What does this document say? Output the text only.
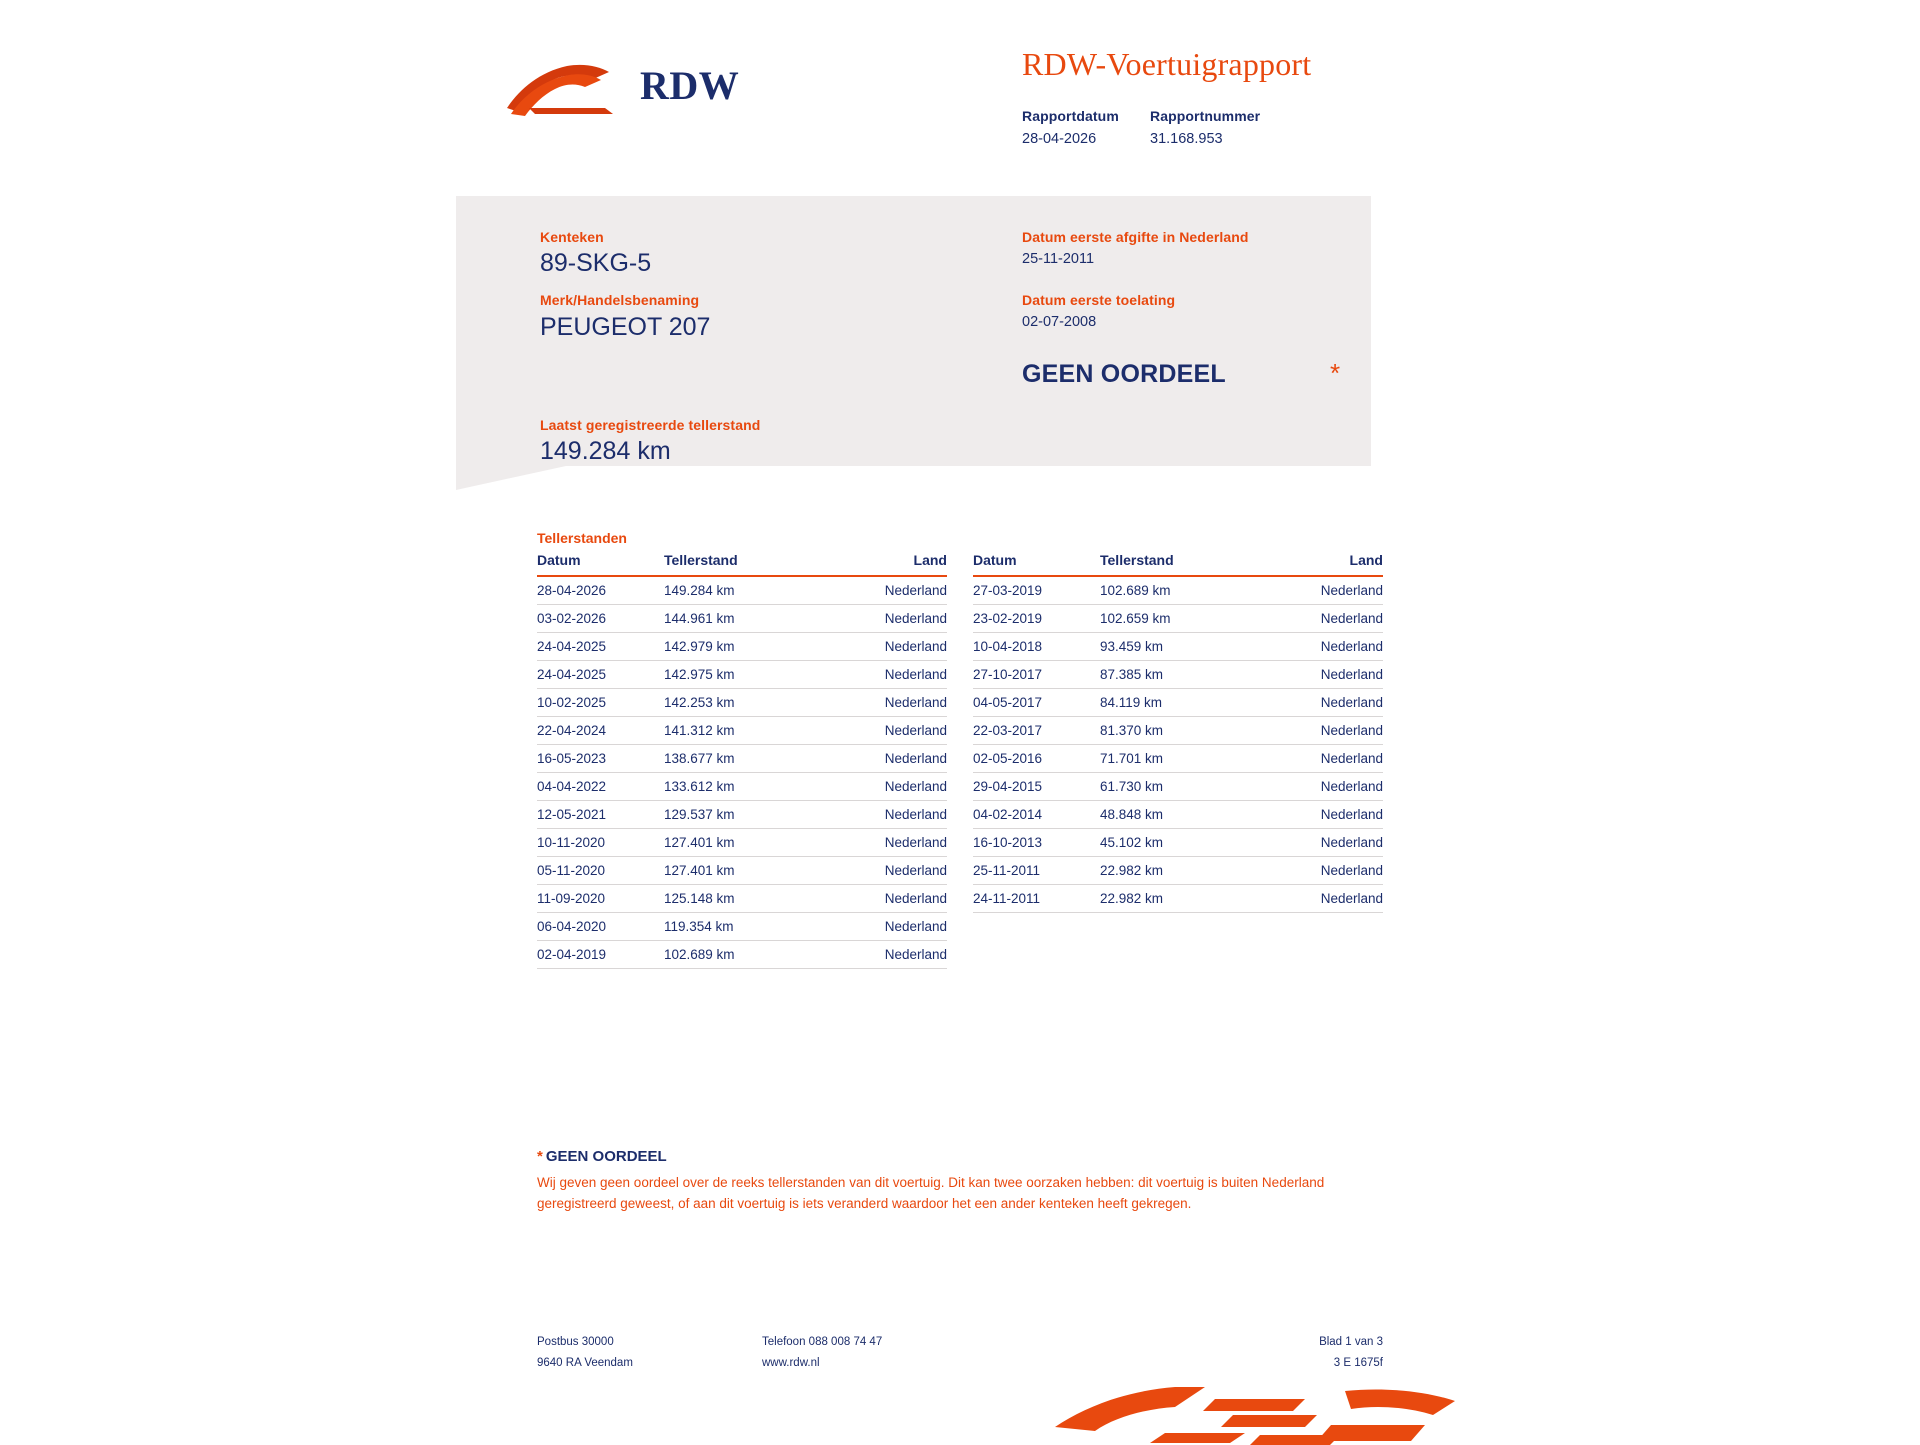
RDW	RDW-Voertuigrapport
Rapportdatum
28-04-2026
Rapportnummer
31.168.953
Kenteken
89-SKG-5
Merk/Handelsbenaming
PEUGEOT 207
Laatst geregistreerde tellerstand
149.284 km
Datum eerste afgifte in Nederland
25-11-2011
Datum eerste toelating
02-07-2008
GEEN OORDEEL	*
Tellerstanden
Datum	Tellerstand	Land
28-04-2026	149.284 km	Nederland
03-02-2026	144.961 km	Nederland
24-04-2025	142.979 km	Nederland
24-04-2025	142.975 km	Nederland
10-02-2025	142.253 km	Nederland
22-04-2024	141.312 km	Nederland
16-05-2023	138.677 km	Nederland
04-04-2022	133.612 km	Nederland
12-05-2021	129.537 km	Nederland
10-11-2020	127.401 km	Nederland
05-11-2020	127.401 km	Nederland
11-09-2020	125.148 km	Nederland
06-04-2020	119.354 km	Nederland
02-04-2019	102.689 km	Nederland
Datum	Tellerstand	Land
27-03-2019	102.689 km	Nederland
23-02-2019	102.659 km	Nederland
10-04-2018	93.459 km	Nederland
27-10-2017	87.385 km	Nederland
04-05-2017	84.119 km	Nederland
22-03-2017	81.370 km	Nederland
02-05-2016	71.701 km	Nederland
29-04-2015	61.730 km	Nederland
04-02-2014	48.848 km	Nederland
16-10-2013	45.102 km	Nederland
25-11-2011	22.982 km	Nederland
24-11-2011	22.982 km	Nederland
* GEEN OORDEEL
Wij geven geen oordeel over de reeks tellerstanden van dit voertuig. Dit kan twee oorzaken hebben: dit voertuig is buiten Nederland geregistreerd geweest, of aan dit voertuig is iets veranderd waardoor het een ander kenteken heeft gekregen.
Postbus 30000
9640 RA Veendam
Telefoon 088 008 74 47
www.rdw.nl
Blad 1 van 3
3 E 1675f
